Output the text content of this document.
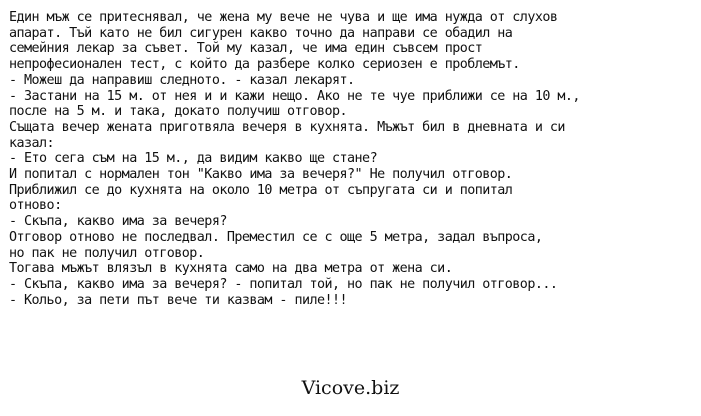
Един мъж се притеснявал, че жена му вече не чува и ще има нужда от слухов
апарат. Тъй като не бил сигурен какво точно да направи се обадил на
семейния лекар за съвет. Той му казал, че има един съвсем прост
непрофесионален тест, с който да разбере колко сериозен е проблемът.
- Можеш да направиш следното. - казал лекарят.
- Застани на 15 м. от нея и и кажи нещо. Ако не те чуе приближи се на 10 м.,
после на 5 м. и така, докато получиш отговор.
Същата вечер жената приготвяла вечеря в кухнята. Мъжът бил в дневната и си
казал:
- Ето сега съм на 15 м., да видим какво ще стане?
И попитал с нормален тон "Какво има за вечеря?" Не получил отговор.
Приближил се до кухнята на около 10 метра от съпругата си и попитал
отново:
- Скъпа, какво има за вечеря?
Отговор отново не последвал. Преместил се с още 5 метра, задал въпроса,
но пак не получил отговор.
Тогава мъжът влязъл в кухнята само на два метра от жена си.
- Скъпа, какво има за вечеря? - попитал той, но пак не получил отговор...
- Кольо, за пети път вече ти казвам - пиле!!!
Vicove.biz
